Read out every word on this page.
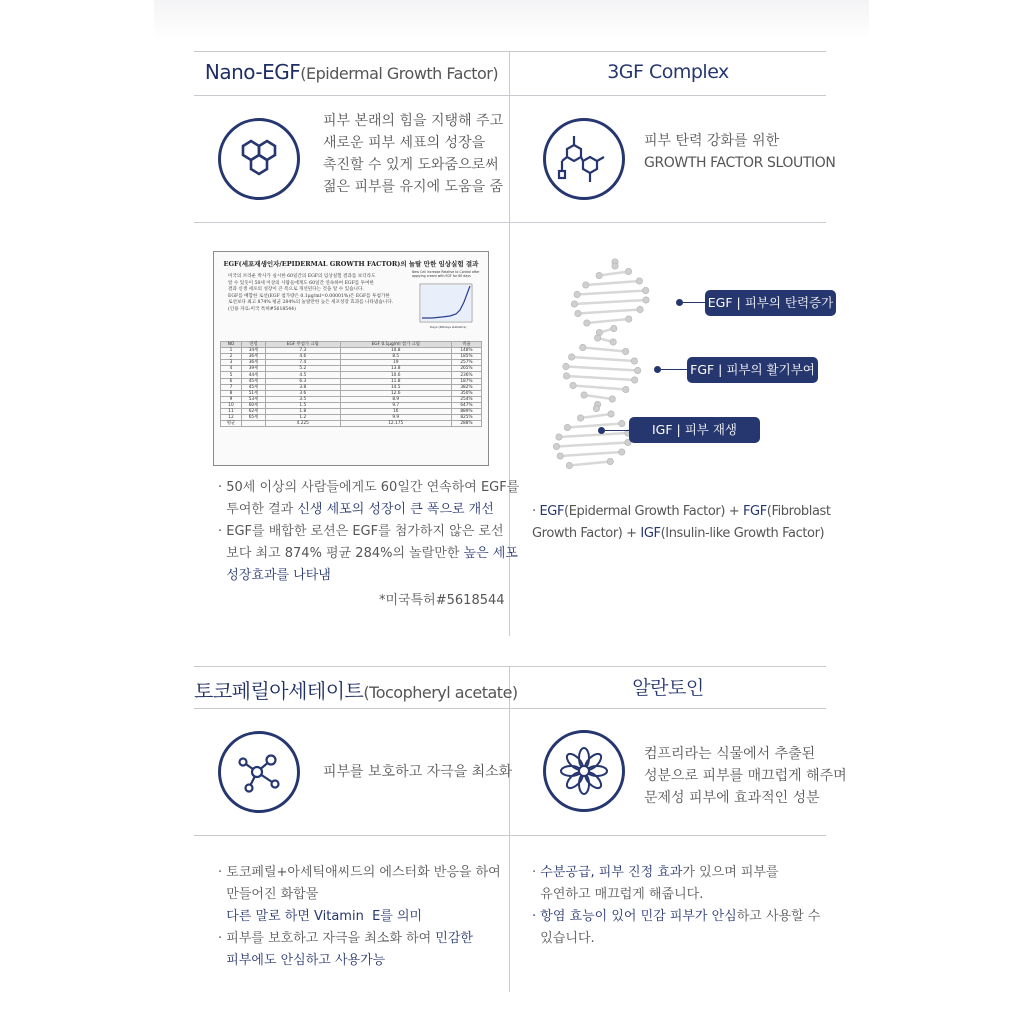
Nano-EGF(Epidermal Growth Factor)	3GF Complex
피부 본래의 힘을 지탱해 주고
새로운 피부 세표의 성장을
촉진할 수 있게 도와줌으로써
젊은 피부를 유지에 도움을 줌
피부 탄력 강화를 위한
GROWTH FACTOR SLOUTION
EGF(세포재생인자/EPIDERMAL GROWTH FACTOR)의 놀랄 만한 임상실험 결과
미국의 브라운 박사가 실시한 60일간의 EGF의 임상실험 결과를 보더라도
알 수 있듯이 50세 이상의 사람들에게도 60일간 연속하여 EGF를 투여한
결과 신생 세포의 성장이 큰 폭으로 개선된다는 것을 알 수 있습니다.
EGF를 배합한 로션(EGF 첨가량은 0.1μg/ml=0.00001%)은 EGF를 투첨가한
로션보다 최고 874% 평균 284%의 놀랄만한 높은 세포성장 효과를 나타냈습니다.
(인용 자료:미국 특허#5618544)
New Cell increase Relative to Control after applying cream with EGF for 60 days
Days (60Days statistics)
NO	연령	EGF 무첨가 크림	EGF 0.1μg/ml 첨가 크림	비율
1	34세	7.3	10.8	148%
2	36세	4.6	8.5	185%
3	36세	7.4	19	257%
4	39세	5.2	13.8	265%
5	44세	4.5	10.6	236%
6	45세	6.3	11.8	187%
7	45세	3.8	14.5	382%
8	51세	3.6	12.6	350%
9	53세	3.5	8.9	254%
10	60세	1.5	9.7	647%
11	62세	1.8	16	889%
12	65세	1.2	9.9	825%
평균		4.225	12.175	288%
· 50세 이상의 사람들에게도 60일간 연속하여 EGF를
투여한 결과 신생 세포의 성장이 큰 폭으로 개선
· EGF를 배합한 로션은 EGF를 첨가하지 않은 로선
보다 최고 874% 평균 284%의 놀랄만한 높은 세포
성장효과를 나타냄
*미국특허#5618544
EGF | 피부의 탄력증가
FGF | 피부의 활기부여
IGF | 피부 재생
· EGF(Epidermal Growth Factor) + FGF(Fibroblast
Growth Factor) + IGF(Insulin-like Growth Factor)
토코페릴아세테이트(Tocopheryl acetate)	알란토인
피부를 보호하고 자극을 최소화
컴프리라는 식물에서 추출된
성분으로 피부를 매끄럽게 해주며
문제성 피부에 효과적인 성분
· 토코페릴+아세틱애씨드의 에스터화 반응을 하여
만들어진 화합물
다른 말로 하면 Vitamin  E를 의미
· 피부를 보호하고 자극을 최소화 하여 민감한
피부에도 안심하고 사용가능
· 수분공급, 피부 진정 효과가 있으며 피부를
유연하고 매끄럽게 해줍니다.
· 항염 효능이 있어 민감 피부가 안심하고 사용할 수
있습니다.
